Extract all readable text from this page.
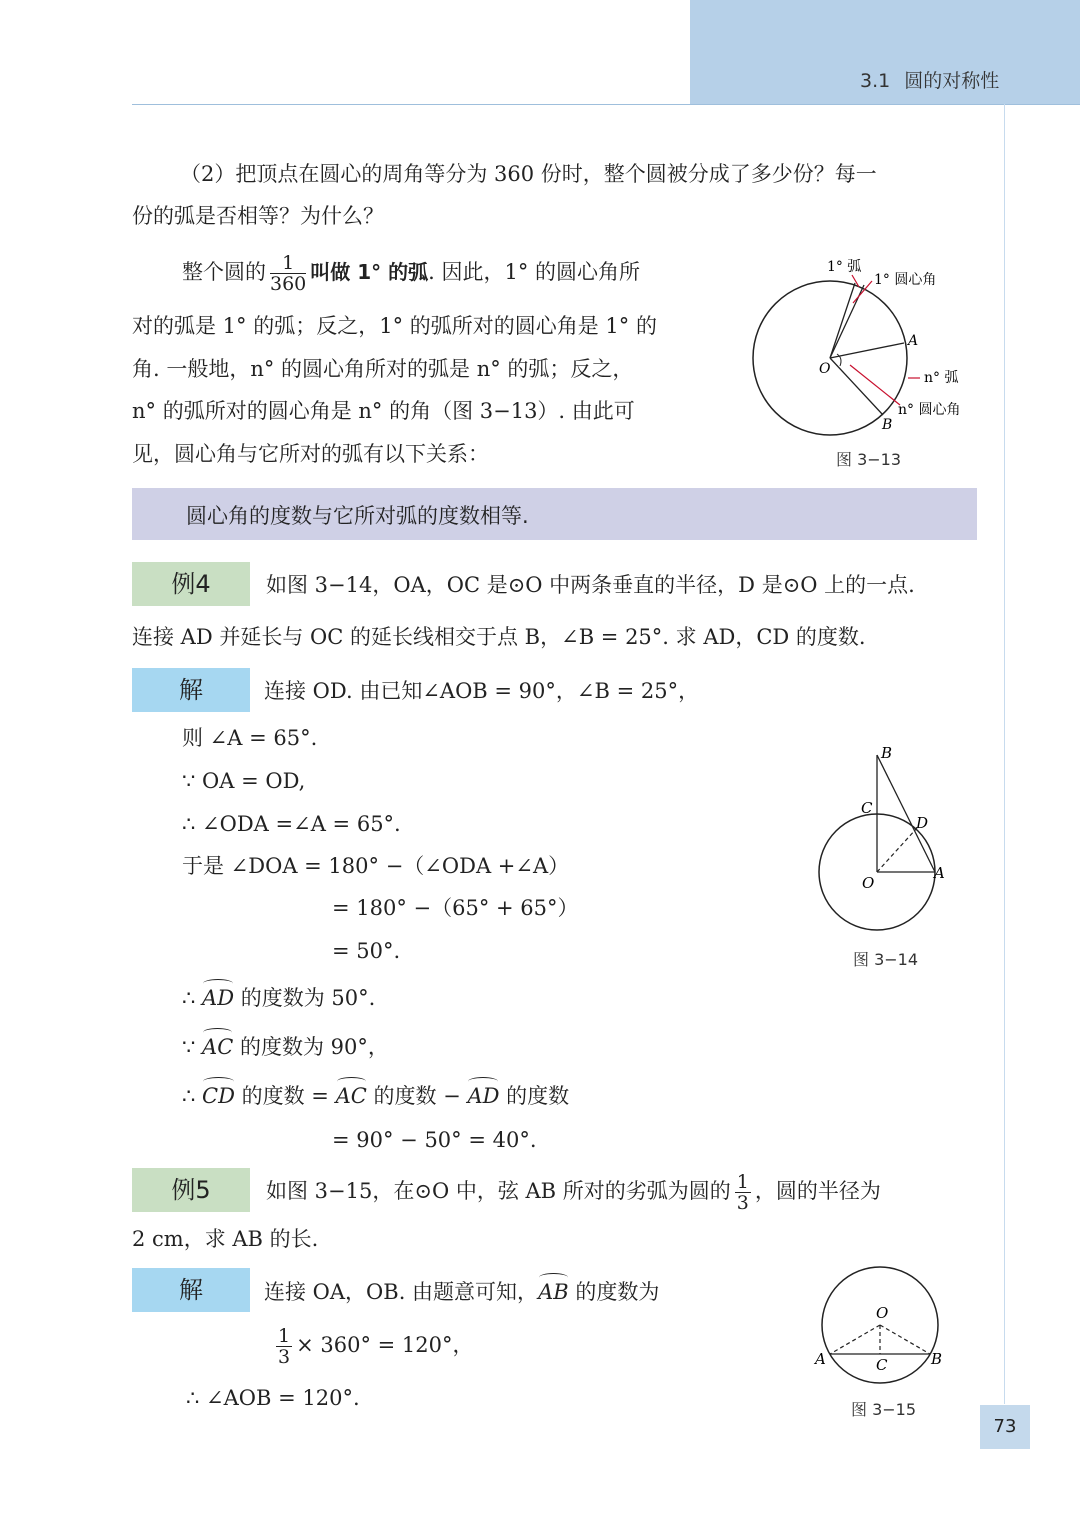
3.1 圆的对称性
（2）把顶点在圆心的周角等分为 360 份时，整个圆被分成了多少份？每一
份的弧是否相等？为什么？
整个圆的 $\frac{1}{360}$ 叫做 1° 的弧. 因此，1° 的圆心角所
对的弧是 1° 的弧；反之，1° 的弧所对的圆心角是 1° 的
角. 一般地，n° 的圆心角所对的弧是 n° 的弧；反之，
n° 的弧所对的圆心角是 n° 的角（图 3−13）. 由此可
见，圆心角与它所对的弧有以下关系：
1° 弧
1° 圆心角
A
O
B
n° 弧
n° 圆心角
图 3−13
圆心角的度数与它所对弧的度数相等.
例4	如图 3−14，OA，OC 是⊙O 中两条垂直的半径，D 是⊙O 上的一点.
连接 AD 并延长与 OC 的延长线相交于点 B，∠B = 25°. 求 AD，CD 的度数.
解	连接 OD. 由已知∠AOB = 90°，∠B = 25°，
则 ∠A = 65°.
∵ OA = OD,
∴ ∠ODA =∠A = 65°.
于是 ∠DOA = 180° −（∠ODA +∠A）
= 180° −（65° + 65°）
= 50°.
∴ AD 的度数为 50°.
∵ AC 的度数为 90°，
∴ CD 的度数 = AC 的度数 − AD 的度数
= 90° − 50° = 40°.
B
C
D
O
A
图 3−14
例5	如图 3−15，在⊙O 中，弦 AB 所对的劣弧为圆的 $\frac{1}{3}$ ，圆的半径为
2 cm，求 AB 的长.
解	连接 OA，OB. 由题意可知，AB 的度数为
$\frac{1}{3} \times 360^\circ = 120^\circ$，
∴ ∠AOB = 120°.
O
A	C	B
图 3−15
73
